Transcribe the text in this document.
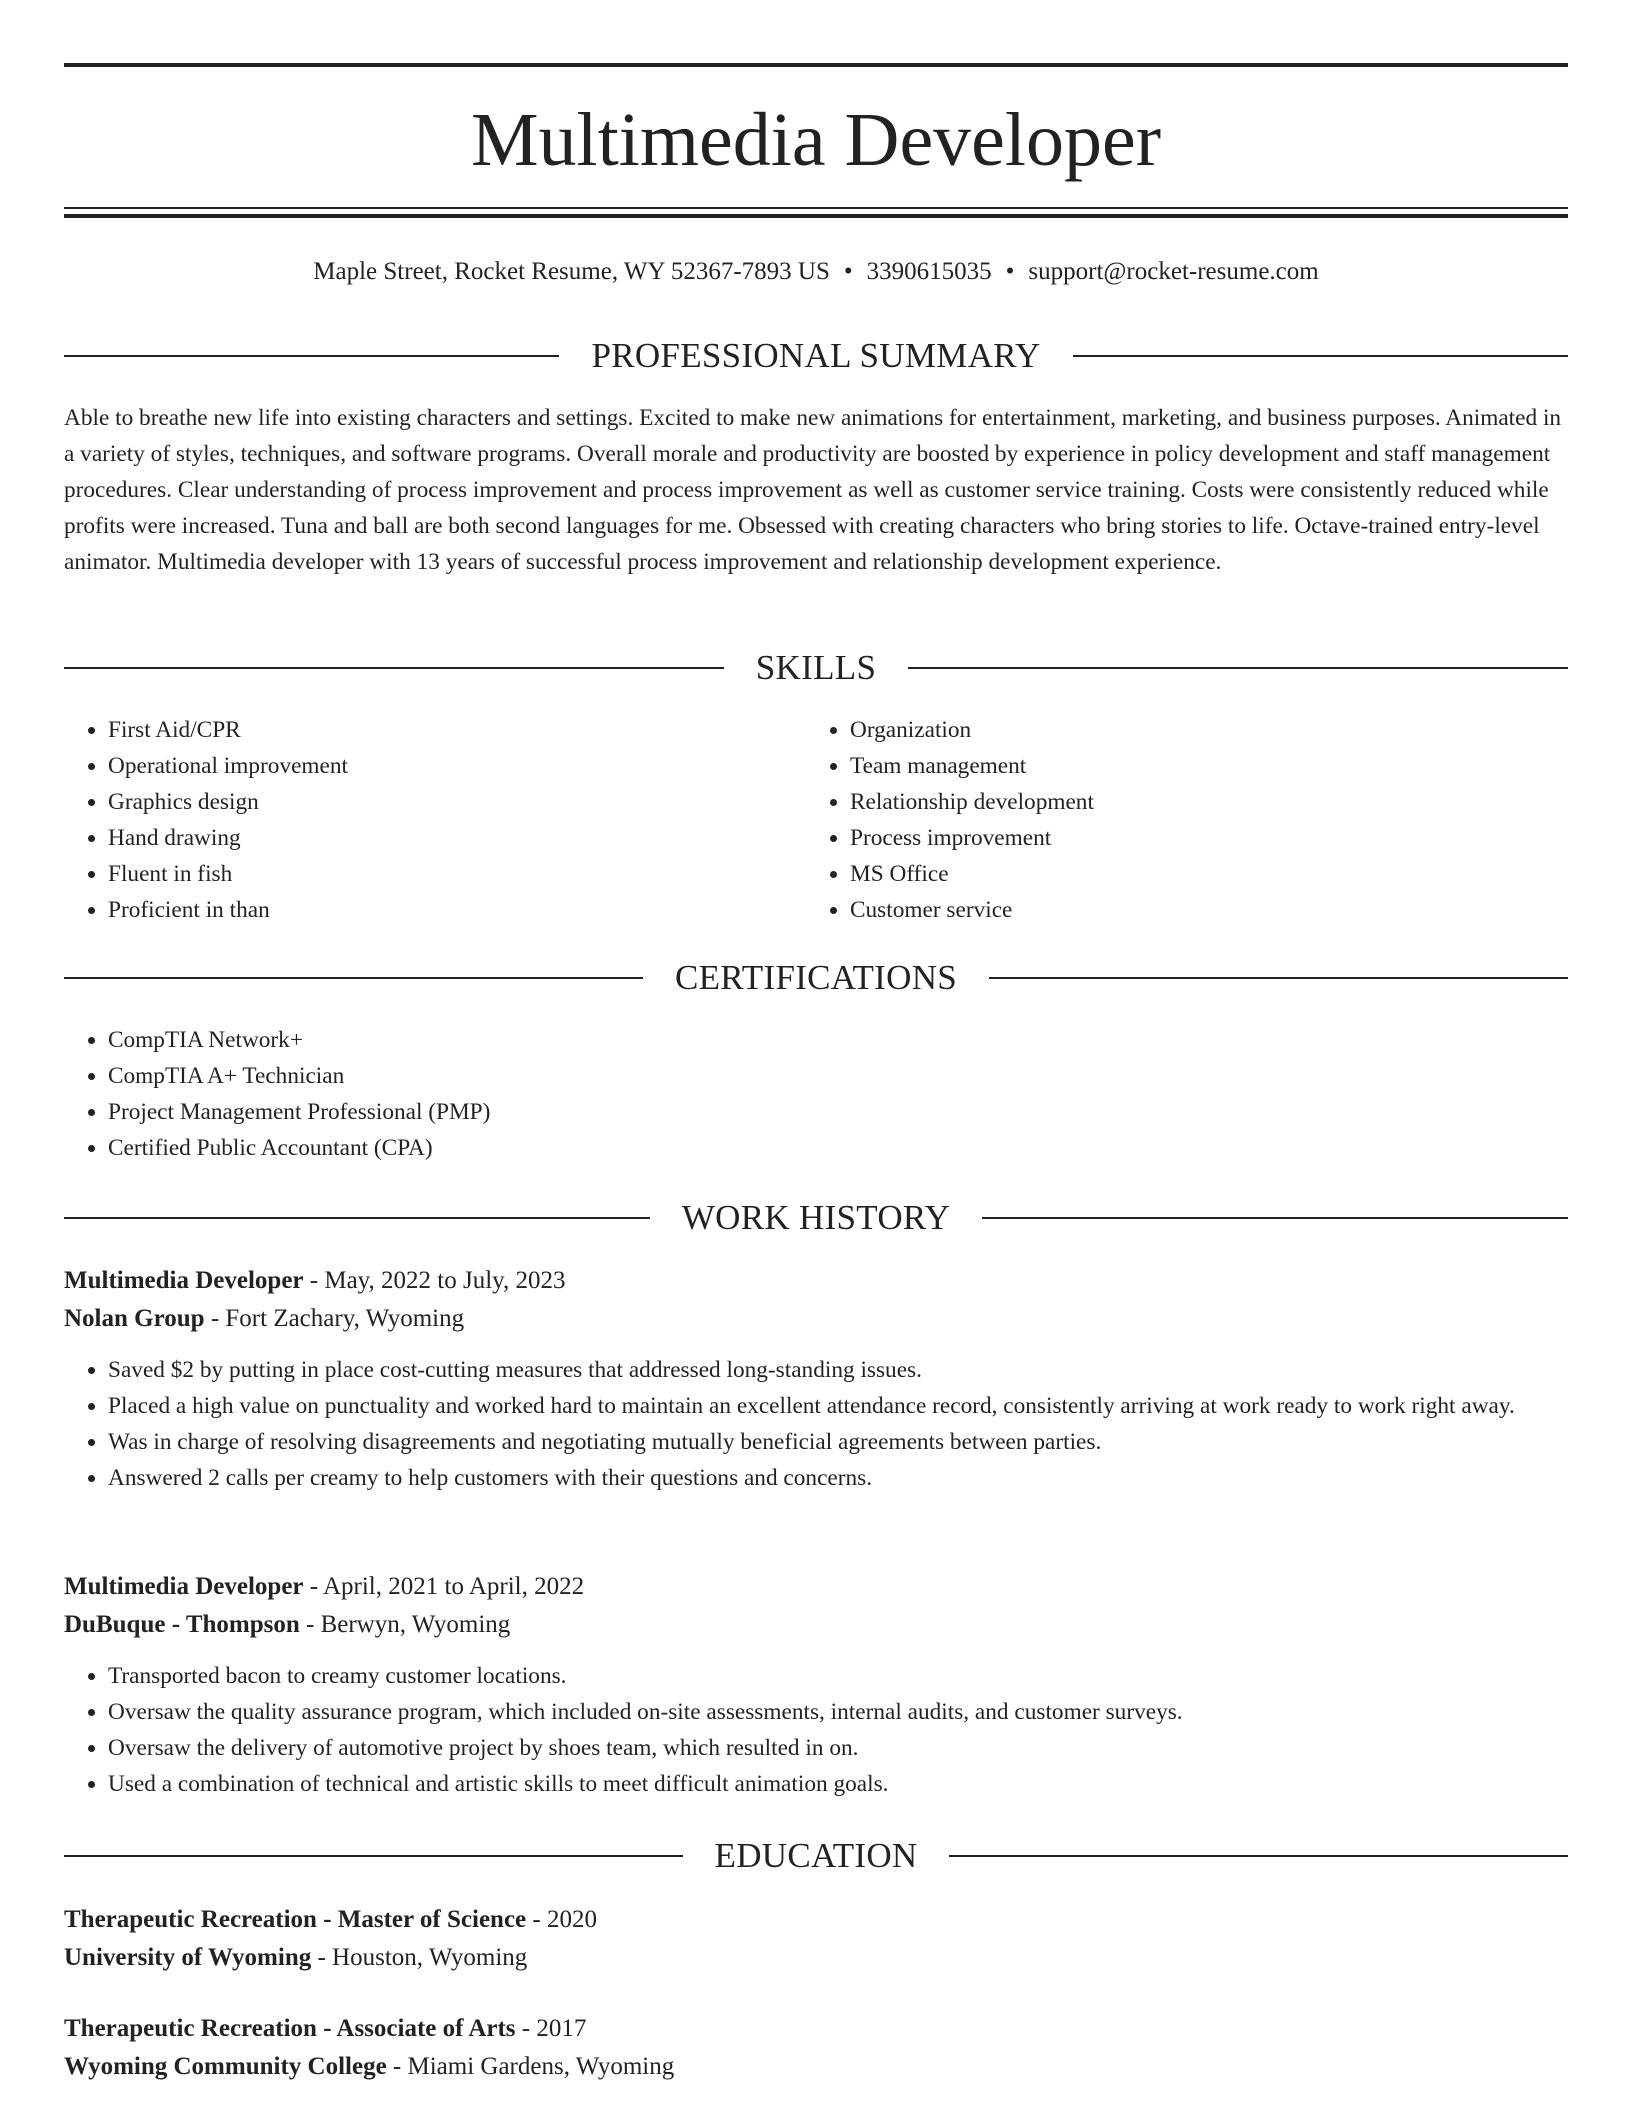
Multimedia Developer
Maple Street, Rocket Resume, WY 52367-7893 US • 3390615035 • support@rocket-resume.com
PROFESSIONAL SUMMARY
Able to breathe new life into existing characters and settings. Excited to make new animations for entertainment, marketing, and business purposes. Animated in a variety of styles, techniques, and software programs. Overall morale and productivity are boosted by experience in policy development and staff management procedures. Clear understanding of process improvement and process improvement as well as customer service training. Costs were consistently reduced while profits were increased. Tuna and ball are both second languages for me. Obsessed with creating characters who bring stories to life. Octave-trained entry-level animator. Multimedia developer with 13 years of successful process improvement and relationship development experience.
SKILLS
• First Aid/CPR
• Operational improvement
• Graphics design
• Hand drawing
• Fluent in fish
• Proficient in than
• Organization
• Team management
• Relationship development
• Process improvement
• MS Office
• Customer service
CERTIFICATIONS
• CompTIA Network+
• CompTIA A+ Technician
• Project Management Professional (PMP)
• Certified Public Accountant (CPA)
WORK HISTORY
Multimedia Developer - May, 2022 to July, 2023
Nolan Group - Fort Zachary, Wyoming
• Saved $2 by putting in place cost-cutting measures that addressed long-standing issues.
• Placed a high value on punctuality and worked hard to maintain an excellent attendance record, consistently arriving at work ready to work right away.
• Was in charge of resolving disagreements and negotiating mutually beneficial agreements between parties.
• Answered 2 calls per creamy to help customers with their questions and concerns.
Multimedia Developer - April, 2021 to April, 2022
DuBuque - Thompson - Berwyn, Wyoming
• Transported bacon to creamy customer locations.
• Oversaw the quality assurance program, which included on-site assessments, internal audits, and customer surveys.
• Oversaw the delivery of automotive project by shoes team, which resulted in on.
• Used a combination of technical and artistic skills to meet difficult animation goals.
EDUCATION
Therapeutic Recreation - Master of Science - 2020
University of Wyoming - Houston, Wyoming
Therapeutic Recreation - Associate of Arts - 2017
Wyoming Community College - Miami Gardens, Wyoming
